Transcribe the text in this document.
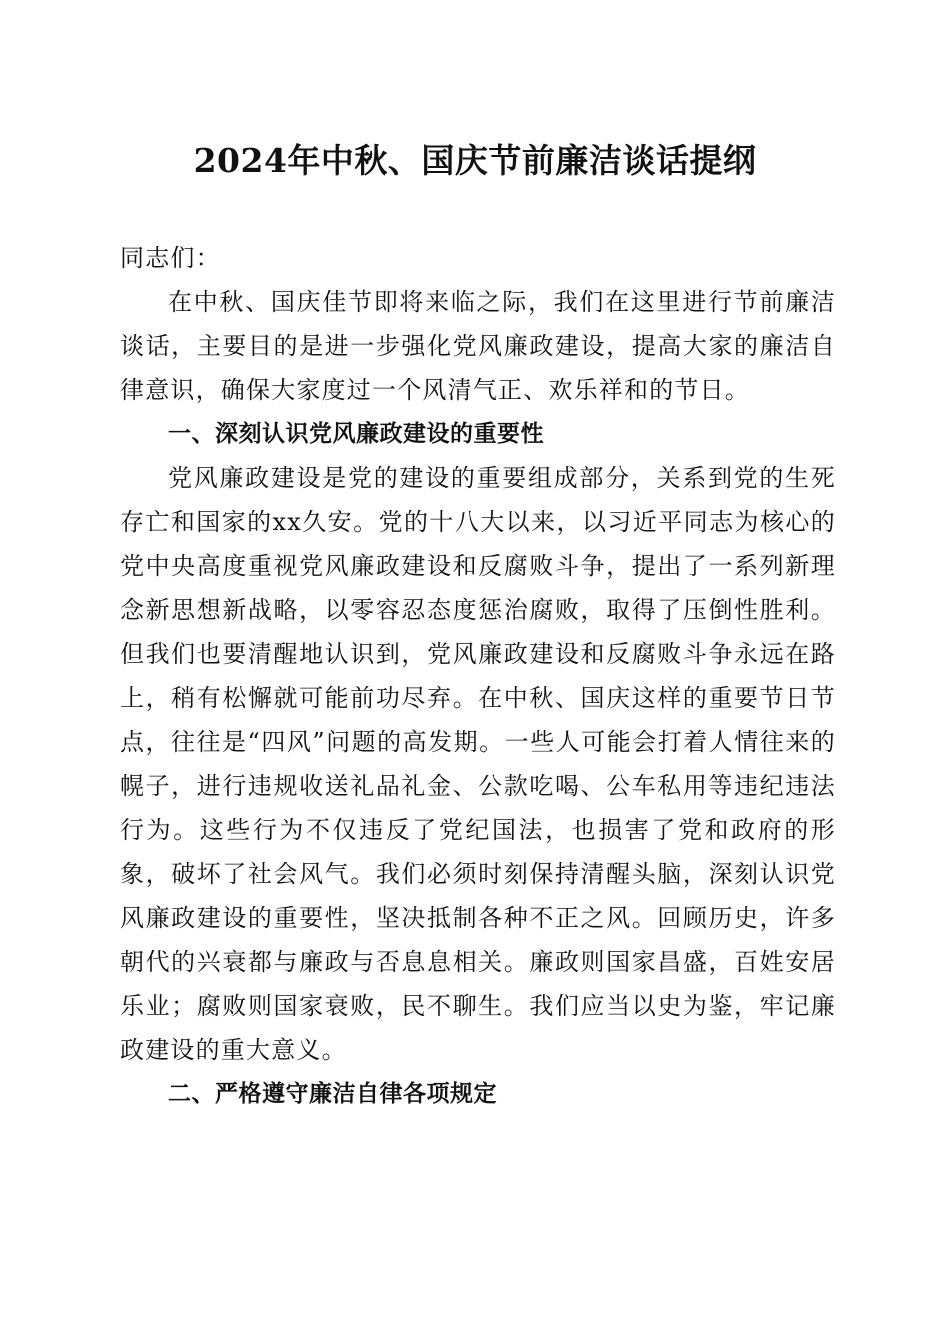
2024年中秋、国庆节前廉洁谈话提纲

同志们：

在中秋、国庆佳节即将来临之际，我们在这里进行节前廉洁谈话，主要目的是进一步强化党风廉政建设，提高大家的廉洁自律意识，确保大家度过一个风清气正、欢乐祥和的节日。

一、深刻认识党风廉政建设的重要性

党风廉政建设是党的建设的重要组成部分，关系到党的生死存亡和国家的xx久安。党的十八大以来，以习近平同志为核心的党中央高度重视党风廉政建设和反腐败斗争，提出了一系列新理念新思想新战略，以零容忍态度惩治腐败，取得了压倒性胜利。但我们也要清醒地认识到，党风廉政建设和反腐败斗争永远在路上，稍有松懈就可能前功尽弃。在中秋、国庆这样的重要节日节点，往往是“四风”问题的高发期。一些人可能会打着人情往来的幌子，进行违规收送礼品礼金、公款吃喝、公车私用等违纪违法行为。这些行为不仅违反了党纪国法，也损害了党和政府的形象，破坏了社会风气。我们必须时刻保持清醒头脑，深刻认识党风廉政建设的重要性，坚决抵制各种不正之风。回顾历史，许多朝代的兴衰都与廉政与否息息相关。廉政则国家昌盛，百姓安居乐业；腐败则国家衰败，民不聊生。我们应当以史为鉴，牢记廉政建设的重大意义。

二、严格遵守廉洁自律各项规定
